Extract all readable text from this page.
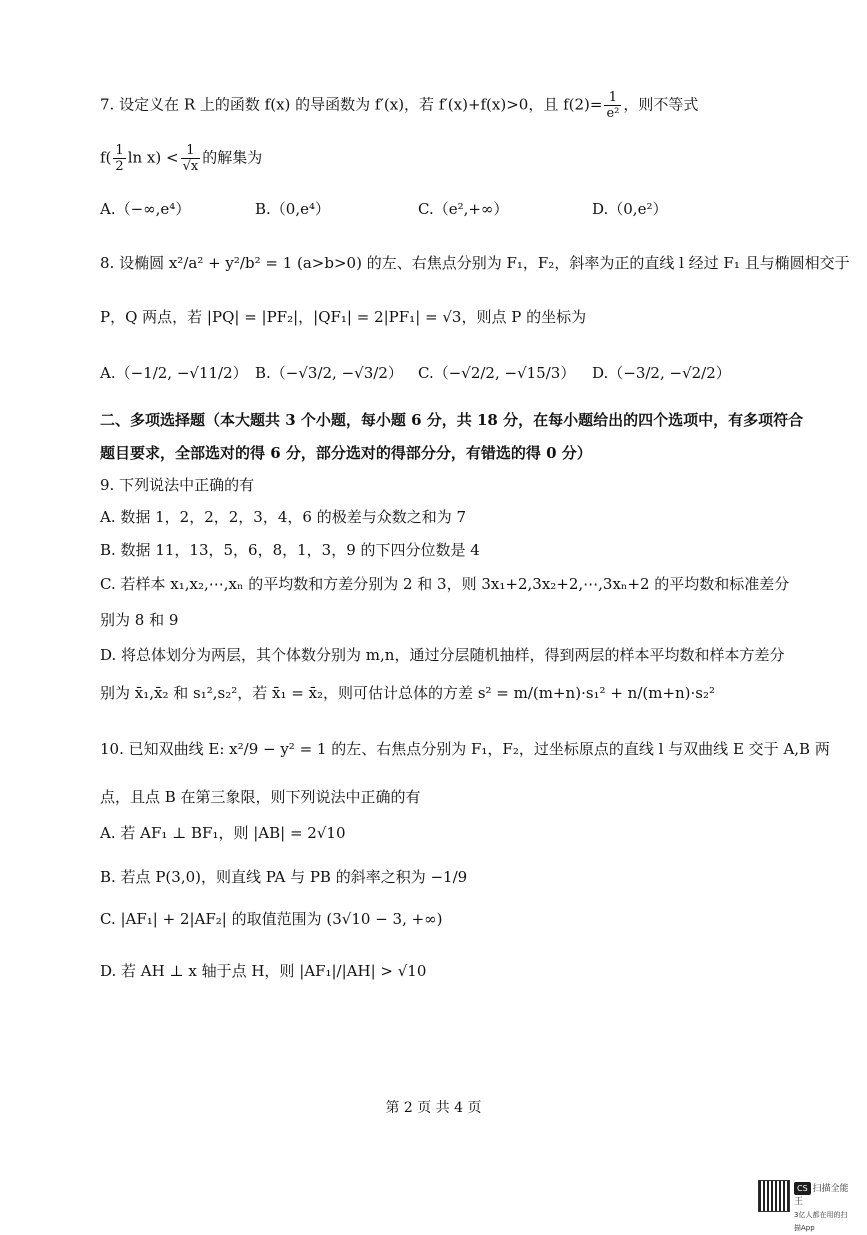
7. 设定义在 R 上的函数 f(x) 的导函数为 f′(x)，若 f′(x)+f(x)>0，且 $f(2)= \frac{1}{\text{e²}}$ ，则不等式
$f( \frac{1}{2}$ $\ln x) < \frac{1}{√x}$ 的解集为
A.（−∞,e⁴）	B.（0,e⁴）	C.（e²,+∞）	D.（0,e²）
8. 设椭圆 x²/a² + y²/b² = 1 (a>b>0) 的左、右焦点分别为 F₁，F₂，斜率为正的直线 l 经过 F₁ 且与椭圆相交于
P，Q 两点，若 |PQ| = |PF₂|，|QF₁| = 2|PF₁| = √3，则点 P 的坐标为
A.（−1/2, −√11/2） B.（−√3/2, −√3/2） C.（−√2/2, −√15/3） D.（−3/2, −√2/2）
二、多项选择题（本大题共 3 个小题，每小题 6 分，共 18 分，在每小题给出的四个选项中，有多项符合
题目要求，全部选对的得 6 分，部分选对的得部分分，有错选的得 0 分）
9. 下列说法中正确的有
A. 数据 1，2，2，2，3，4，6 的极差与众数之和为 7
B. 数据 11，13，5，6，8，1，3，9 的下四分位数是 4
C. 若样本 x₁,x₂,⋯,xₙ 的平均数和方差分别为 2 和 3，则 3x₁+2,3x₂+2,⋯,3xₙ+2 的平均数和标准差分
别为 8 和 9
D. 将总体划分为两层，其个体数分别为 m,n，通过分层随机抽样，得到两层的样本平均数和样本方差分
别为 x̄₁,x̄₂ 和 s₁²,s₂²，若 x̄₁ = x̄₂，则可估计总体的方差 s² = m/(m+n)·s₁² + n/(m+n)·s₂²
10. 已知双曲线 E: x²/9 − y² = 1 的左、右焦点分别为 F₁，F₂，过坐标原点的直线 l 与双曲线 E 交于 A,B 两
点，且点 B 在第三象限，则下列说法中正确的有
A. 若 AF₁ ⊥ BF₁，则 |AB| = 2√10
B. 若点 P(3,0)，则直线 PA 与 PB 的斜率之积为 −1/9
C. |AF₁| + 2|AF₂| 的取值范围为 (3√10 − 3, +∞)
D. 若 AH ⊥ x 轴于点 H，则 |AF₁|/|AH| > √10
第 2 页 共 4 页
CS 扫描全能王
3亿人都在用的扫描App
